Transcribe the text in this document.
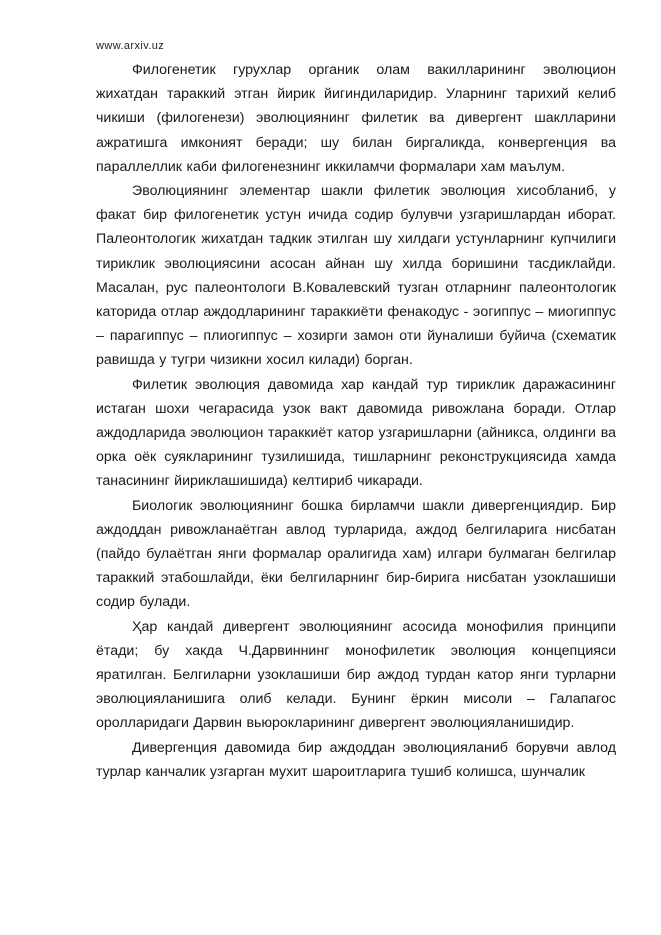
www.arxiv.uz

Филогенетик гурухлар органик олам вакилларининг эволюцион жихатдан тараккий этган йирик йигиндиларидир. Уларнинг тарихий келиб чикиши (филогенези) эволюциянинг филетик ва дивергент шаклларини ажратишга имконият беради; шу билан биргаликда, конвергенция ва параллеллик каби филогенезнинг иккиламчи формалари хам маълум.

Эволюциянинг элементар шакли филетик эволюция хисобланиб, у факат бир филогенетик устун ичида содир булувчи узгаришлардан иборат. Палеонтологик жихатдан тадкик этилган шу хилдаги устунларнинг купчилиги тириклик эволюциясини асосан айнан шу хилда боришини тасдиклайди. Масалан, рус палеонтологи В.Ковалевский тузган отларнинг палеонтологик каторида отлар аждодларининг тараккиёти фенакодус - эогиппус – миогиппус – парагиппус – плиогиппус – хозирги замон оти йуналиши буйича (схематик равишда у тугри чизикни хосил килади) борган.

Филетик эволюция давомида хар кандай тур тириклик даражасининг истаган шохи чегарасида узок вакт давомида ривожлана боради. Отлар аждодларида эволюцион тараккиёт катор узгаришларни (айникса, олдинги ва орка оёк суякларининг тузилишида, тишларнинг реконструкциясида хамда танасининг йириклашишида) келтириб чикаради.

Биологик эволюциянинг бошка бирламчи шакли дивергенциядир. Бир аждоддан ривожланаётган авлод турларида, аждод белгиларига нисбатан (пайдо булаётган янги формалар оралигида хам) илгари булмаган белгилар тараккий этабошлайди, ёки белгиларнинг бир-бирига нисбатан узоклашиши содир булади.

Ҳар кандай дивергент эволюциянинг асосида монофилия принципи ётади; бу хакда Ч.Дарвиннинг монофилетик эволюция концепцияси яратилган. Белгиларни узоклашиши бир аждод турдан катор янги турларни эволюцияланишига олиб келади. Бунинг ёркин мисоли – Галапагос оролларидаги Дарвин вьюрокларининг дивергент эволюцияланишидир.

Дивергенция давомида бир аждоддан эволюцияланиб борувчи авлод турлар канчалик узгарган мухит шароитларига тушиб колишса, шунчалик
